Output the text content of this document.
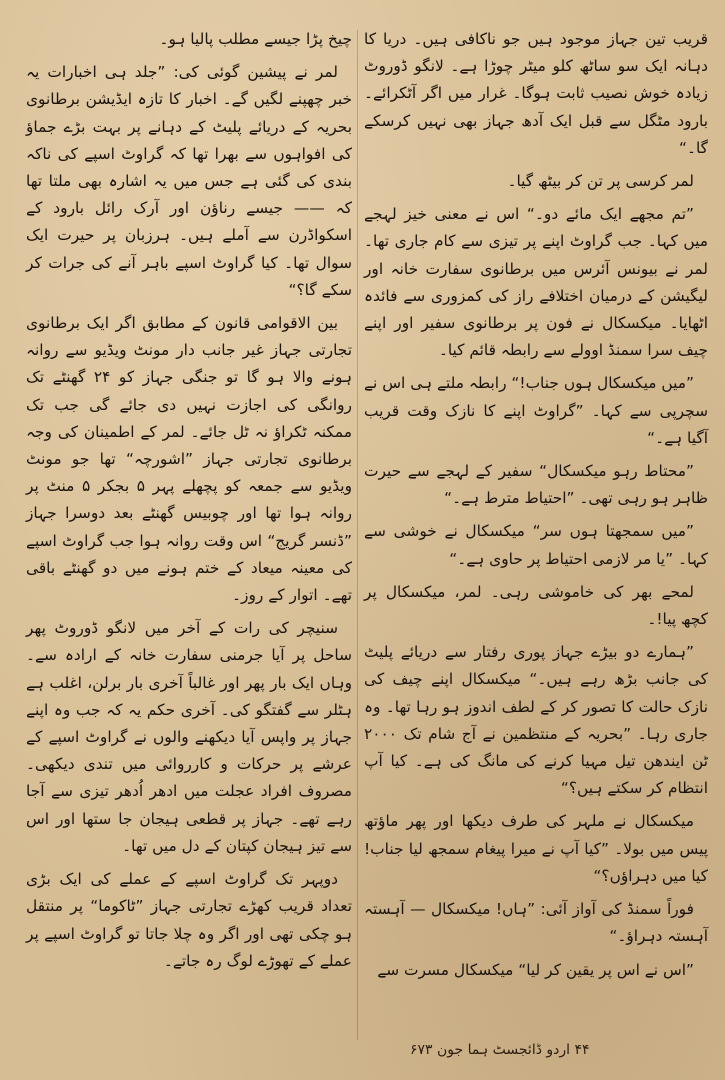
قریب تین جہاز موجود ہیں جو ناکافی ہیں۔ دریا کا دہانہ ایک سو ساٹھ کلو میٹر چوڑا ہے۔ لانگو ڈوروٹ زیادہ خوش نصیب ثابت ہوگا۔ غرار میں اگر آٹکرائے۔ بارود مٹگل سے قبل ایک آدھ جہاز بھی نہیں کرسکے گا۔“

لمر کرسی پر تن کر بیٹھ گیا۔

”تم مجھے ایک مائے دو۔“ اس نے معنی خیز لہجے میں کہا۔ جب گراوٹ اپنے پر تیزی سے کام جاری تھا۔ لمر نے بیونس آئرس میں برطانوی سفارت خانہ اور لیگیشن کے درمیان اختلافے راز کی کمزوری سے فائدہ اٹھایا۔ میکسکال نے فون پر برطانوی سفیر اور اپنے چیف سرا سمنڈ اوولے سے رابطہ قائم کیا۔

”میں میکسکال ہوں جناب!“ رابطہ ملتے ہی اس نے سچرپی سے کہا۔ ”گراوٹ اپنے کا نازک وقت قریب آگیا ہے۔“

”محتاط رہو میکسکال“ سفیر کے لہجے سے حیرت ظاہر ہو رہی تھی۔ ”احتیاط مترط ہے۔“

”میں سمجھتا ہوں سر“ میکسکال نے خوشی سے کہا۔ ”یا مر لازمی احتیاط پر حاوی ہے۔“

لمحے بھر کی خاموشی رہی۔ لمر، میکسکال پر کچھ پیا!۔

”ہمارے دو بیڑے جہاز پوری رفتار سے دریائے پلیٹ کی جانب بڑھ رہے ہیں۔“ میکسکال اپنے چیف کی نازک حالت کا تصور کر کے لطف اندوز ہو رہا تھا۔ وہ جاری رہا۔ ”بحریہ کے منتظمین نے آج شام تک ۲۰۰۰ ٹن ایندھن تیل مہیا کرنے کی مانگ کی ہے۔ کیا آپ انتظام کر سکتے ہیں؟“

میکسکال نے ملہر کی طرف دیکھا اور پھر ماؤتھ پیس میں بولا۔ ”کیا آپ نے میرا پیغام سمجھ لیا جناب! کیا میں دہراؤں؟“

فوراً سمنڈ کی آواز آئی: ”ہاں! میکسکال — آہستہ آہستہ دہراؤ۔“

”اس نے اس پر یقین کر لیا“ میکسکال مسرت سے

چیخ پڑا جیسے مطلب پالیا ہو۔

لمر نے پیشین گوئی کی: ”جلد ہی اخبارات یہ خبر چھپنے لگیں گے۔ اخبار کا تازہ ایڈیشن برطانوی بحریہ کے دریائے پلیٹ کے دہانے پر بہت بڑے جماؤ کی افواہوں سے بھرا تھا کہ گراوٹ اسپے کی ناکہ بندی کی گئی ہے جس میں یہ اشارہ بھی ملتا تھا کہ —— جیسے رناؤن اور آرک رائل بارود کے اسکواڈرن سے آملے ہیں۔ ہرزبان پر حیرت ایک سوال تھا۔ کیا گراوٹ اسپے باہر آنے کی جرات کر سکے گا؟“

بین الاقوامی قانون کے مطابق اگر ایک برطانوی تجارتی جہاز غیر جانب دار مونٹ ویڈیو سے روانہ ہونے والا ہو گا تو جنگی جہاز کو ۲۴ گھنٹے تک روانگی کی اجازت نہیں دی جائے گی جب تک ممکنہ ٹکراؤ نہ ٹل جائے۔ لمر کے اطمینان کی وجہ برطانوی تجارتی جہاز ”اشورچہ“ تھا جو مونٹ ویڈیو سے جمعہ کو پچھلے پہر ۵ بجکر ۵ منٹ پر روانہ ہوا تھا اور چوبیس گھنٹے بعد دوسرا جہاز ”ڈنسر گریج“ اس وقت روانہ ہوا جب گراوٹ اسپے کی معینہ میعاد کے ختم ہونے میں دو گھنٹے باقی تھے۔ اتوار کے روز۔

سنیچر کی رات کے آخر میں لانگو ڈوروٹ پھر ساحل پر آیا جرمنی سفارت خانہ کے ارادہ سے۔ وہاں ایک بار پھر اور غالباً آخری بار برلن، اغلب ہے ہٹلر سے گفتگو کی۔ آخری حکم یہ کہ جب وہ اپنے جہاز پر واپس آیا دیکھنے والوں نے گراوٹ اسپے کے عرشے پر حرکات و کارروائی میں تندی دیکھی۔ مصروف افراد عجلت میں ادھر اُدھر تیزی سے آجا رہے تھے۔ جہاز پر قطعی ہیجان جا ستھا اور اس سے تیز ہیجان کپتان کے دل میں تھا۔

دوپہر تک گراوٹ اسپے کے عملے کی ایک بڑی تعداد قریب کھڑے تجارتی جہاز ”ٹاکوما“ پر منتقل ہو چکی تھی اور اگر وہ چلا جاتا تو گراوٹ اسپے پر عملے کے تھوڑے لوگ رہ جاتے۔

۴۴ اردو ڈائجسٹ ہما جون ۶۷۳
